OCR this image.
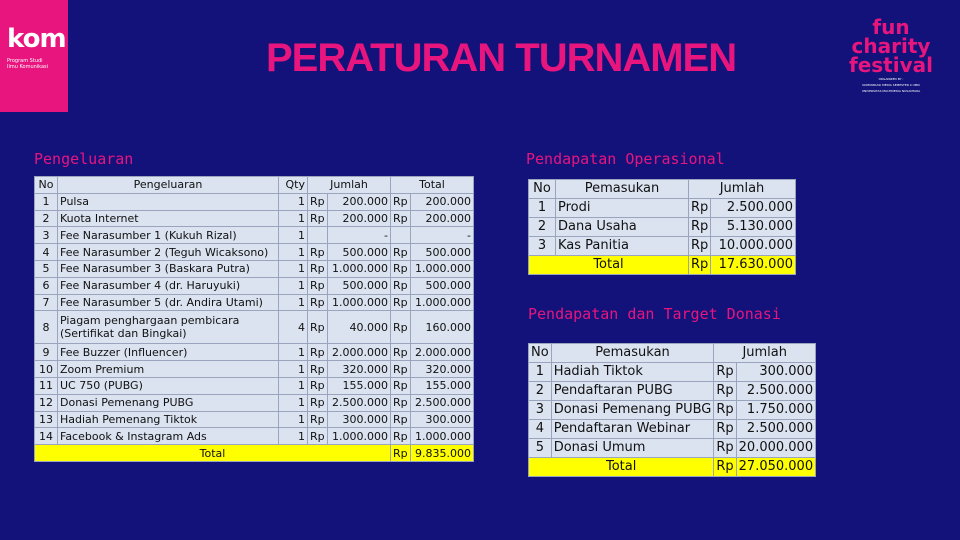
kom
Program Studi
Ilmu Komunikasi	PERATURAN TURNAMEN
fun
charity
festival
ORGANIZED BY :
KOMUNIKASI MEDIA SEMESTER 4 UMN
UNIVERSITAS MULTIMEDIA NUSANTARA
Pengeluaran	Pendapatan Operasional
Pendapatan dan Target Donasi
No	Pengeluaran	Qty	Jumlah		Total	
1	Pulsa	1	Rp	200.000	Rp	200.000
2	Kuota Internet	1	Rp	200.000	Rp	200.000
3	Fee Narasumber 1 (Kukuh Rizal)	1		-		-
4	Fee Narasumber 2 (Teguh Wicaksono)	1	Rp	500.000	Rp	500.000
5	Fee Narasumber 3 (Baskara Putra)	1	Rp	1.000.000	Rp	1.000.000
6	Fee Narasumber 4 (dr. Haruyuki)	1	Rp	500.000	Rp	500.000
7	Fee Narasumber 5 (dr. Andira Utami)	1	Rp	1.000.000	Rp	1.000.000
8	Piagam penghargaan pembicara
(Sertifikat dan Bingkai)	4	Rp	40.000	Rp	160.000
9	Fee Buzzer (Influencer)	1	Rp	2.000.000	Rp	2.000.000
10	Zoom Premium	1	Rp	320.000	Rp	320.000
11	UC 750 (PUBG)	1	Rp	155.000	Rp	155.000
12	Donasi Pemenang PUBG	1	Rp	2.500.000	Rp	2.500.000
13	Hadiah Pemenang Tiktok	1	Rp	300.000	Rp	300.000
14	Facebook & Instagram Ads	1	Rp	1.000.000	Rp	1.000.000
Total					Rp	9.835.000
No	Pemasukan	Jumlah	
1	Prodi	Rp	2.500.000
2	Dana Usaha	Rp	5.130.000
3	Kas Panitia	Rp	10.000.000
Total		Rp	17.630.000
No	Pemasukan	Jumlah	
1	Hadiah Tiktok	Rp	300.000
2	Pendaftaran PUBG	Rp	2.500.000
3	Donasi Pemenang PUBG	Rp	1.750.000
4	Pendaftaran Webinar	Rp	2.500.000
5	Donasi Umum	Rp	20.000.000
Total		Rp	27.050.000
